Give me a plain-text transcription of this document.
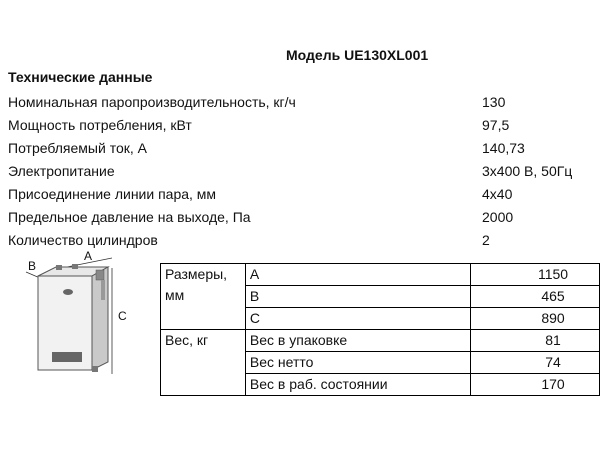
Модель UE130XL001
Технические данные
Номинальная паропроизводительность, кг/ч	130
Мощность потребления, кВт	97,5
Потребляемый ток, А	140,73
Электропитание	3х400 В, 50Гц
Присоединение линии пара, мм	4х40
Предельное давление на выходе, Па	2000
Количество цилиндров	2
B
A
C
Размеры,
мм	A	1150
	B	465
	C	890
Вес, кг	Вес в упаковке	81
	Вес нетто	74
	Вес в раб. состоянии	170
